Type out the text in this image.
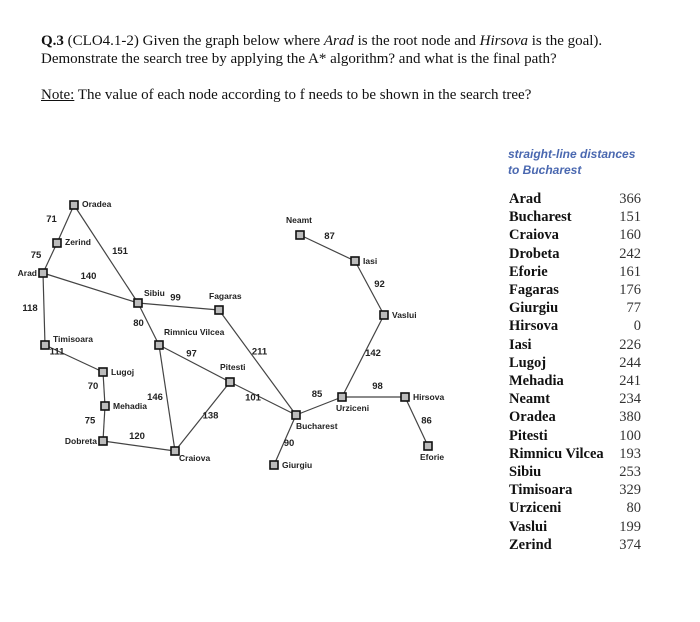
Q.3 (CLO4.1-2) Given the graph below where Arad is the root node and Hirsova is the goal).
Demonstrate the search tree by applying the A* algorithm? and what is the final path?
Note: The value of each node according to f needs to be shown in the search tree?
71
75	151
140
118
111
70
75
120
99
80
97
146
138
211
101
90
85
98
86
142
92
87
Oradea
Zerind
Arad
Timisoara
Lugoj
Mehadia
Dobreta
Craiova
Sibiu
Rimnicu Vilcea
Fagaras
Pitesti
Bucharest
Giurgiu
Urziceni
Hirsova
Eforie
Vaslui
Iasi
Neamt
straight-line distances
to Bucharest
Arad	366
Bucharest	151
Craiova	160
Drobeta	242
Eforie	161
Fagaras	176
Giurgiu	77
Hirsova	0
Iasi	226
Lugoj	244
Mehadia	241
Neamt	234
Oradea	380
Pitesti	100
Rimnicu Vilcea	193
Sibiu	253
Timisoara	329
Urziceni	80
Vaslui	199
Zerind	374
